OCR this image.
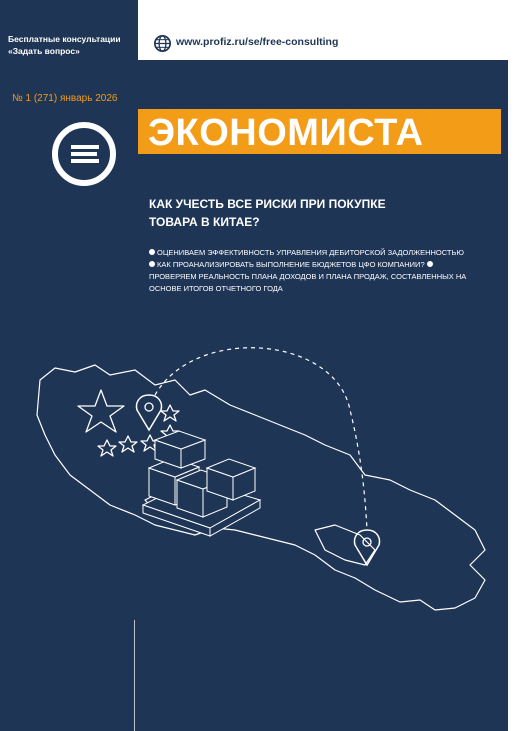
Бесплатные консультации
«Задать вопрос»
www.profiz.ru/se/free-consulting
№ 1 (271) январь 2026 СПРАВОЧНИК
ЭКОНОМИСТА
КАК УЧЕСТЬ ВСЕ РИСКИ ПРИ ПОКУПКЕ
ТОВАРА В КИТАЕ?
ОЦЕНИВАЕМ ЭФФЕКТИВНОСТЬ УПРАВЛЕНИЯ ДЕБИТОРСКОЙ ЗАДОЛЖЕННОСТЬЮ КАК ПРОАНАЛИЗИРОВАТЬ ВЫПОЛНЕНИЕ БЮДЖЕТОВ ЦФО КОМПАНИИ? ПРОВЕРЯЕМ РЕАЛЬНОСТЬ ПЛАНА ДОХОДОВ И ПЛАНА ПРОДАЖ, СОСТАВЛЕННЫХ НА ОСНОВЕ ИТОГОВ ОТЧЕТНОГО ГОДА
